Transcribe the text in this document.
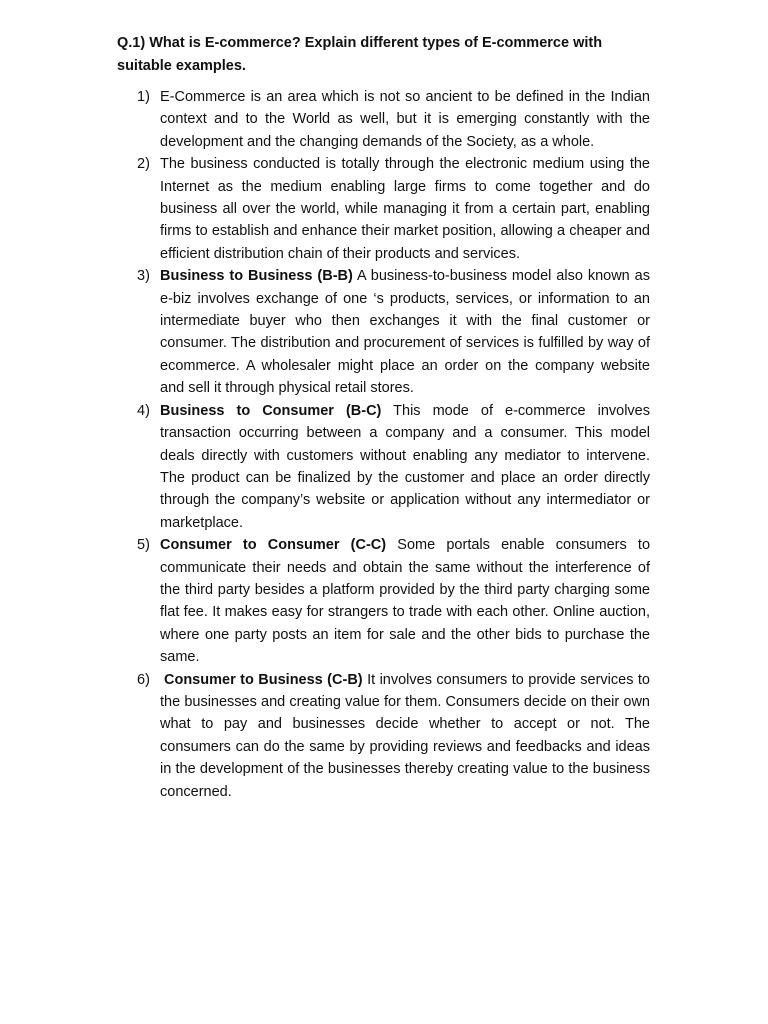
Q.1) What is E-commerce? Explain different types of E-commerce with suitable examples.

1) E-Commerce is an area which is not so ancient to be defined in the Indian context and to the World as well, but it is emerging constantly with the development and the changing demands of the Society, as a whole.
2) The business conducted is totally through the electronic medium using the Internet as the medium enabling large firms to come together and do business all over the world, while managing it from a certain part, enabling firms to establish and enhance their market position, allowing a cheaper and efficient distribution chain of their products and services.
3) Business to Business (B-B) A business-to-business model also known as e-biz involves exchange of one ‘s products, services, or information to an intermediate buyer who then exchanges it with the final customer or consumer. The distribution and procurement of services is fulfilled by way of ecommerce. A wholesaler might place an order on the company website and sell it through physical retail stores.
4) Business to Consumer (B-C) This mode of e-commerce involves transaction occurring between a company and a consumer. This model deals directly with customers without enabling any mediator to intervene. The product can be finalized by the customer and place an order directly through the company’s website or application without any intermediator or marketplace.
5) Consumer to Consumer (C-C) Some portals enable consumers to communicate their needs and obtain the same without the interference of the third party besides a platform provided by the third party charging some flat fee. It makes easy for strangers to trade with each other. Online auction, where one party posts an item for sale and the other bids to purchase the same.
6) Consumer to Business (C-B) It involves consumers to provide services to the businesses and creating value for them. Consumers decide on their own what to pay and businesses decide whether to accept or not. The consumers can do the same by providing reviews and feedbacks and ideas in the development of the businesses thereby creating value to the business concerned.
